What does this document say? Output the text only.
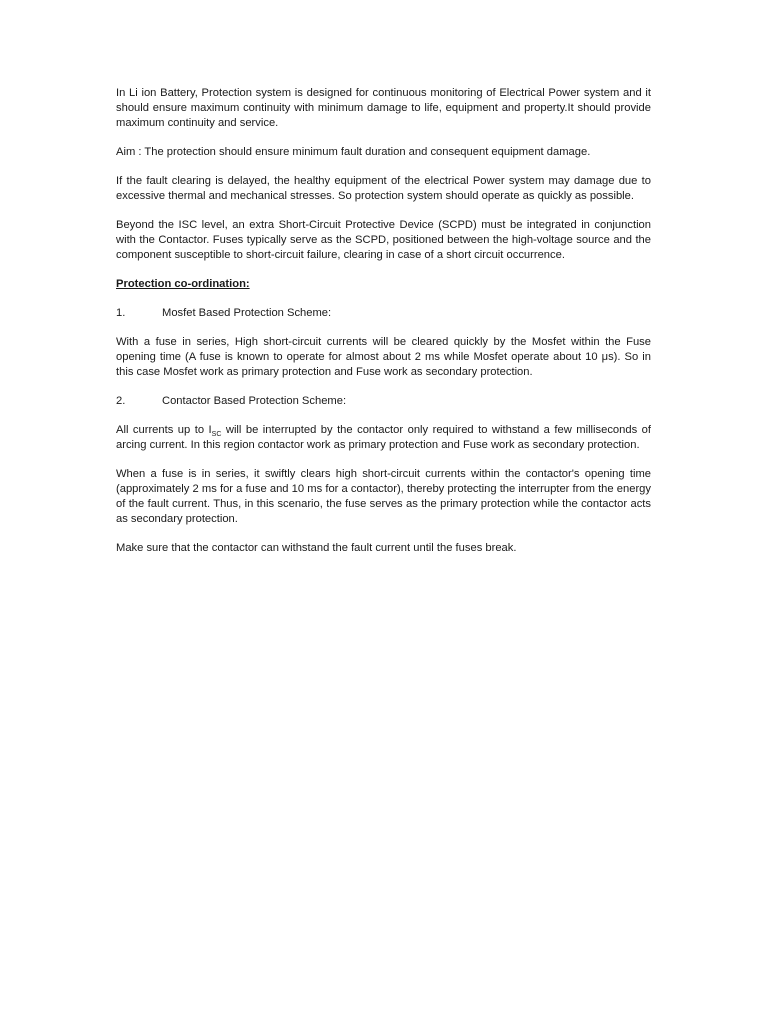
In Li ion Battery, Protection system is designed for continuous monitoring of Electrical Power system and it should ensure maximum continuity with minimum damage to life, equipment and property.It should provide maximum continuity and service.

Aim : The protection should ensure minimum fault duration and consequent equipment damage.

If the fault clearing is delayed, the healthy equipment of the electrical Power system may damage due to excessive thermal and mechanical stresses. So protection system should operate as quickly as possible.

Beyond the ISC level, an extra Short-Circuit Protective Device (SCPD) must be integrated in conjunction with the Contactor. Fuses typically serve as the SCPD, positioned between the high-voltage source and the component susceptible to short-circuit failure, clearing in case of a short circuit occurrence.

Protection co-ordination:

1.	Mosfet Based Protection Scheme:

With a fuse in series, High short-circuit currents will be cleared quickly by the Mosfet within the Fuse opening time (A fuse is known to operate for almost about 2 ms while Mosfet operate about 10 μs). So in this case Mosfet work as primary protection and Fuse work as secondary protection.

2.	Contactor Based Protection Scheme:

All currents up to $I_{SC}$ will be interrupted by the contactor only required to withstand a few milliseconds of arcing current. In this region contactor work as primary protection and Fuse work as secondary protection.

When a fuse is in series, it swiftly clears high short-circuit currents within the contactor's opening time (approximately 2 ms for a fuse and 10 ms for a contactor), thereby protecting the interrupter from the energy of the fault current. Thus, in this scenario, the fuse serves as the primary protection while the contactor acts as secondary protection.

Make sure that the contactor can withstand the fault current until the fuses break.
